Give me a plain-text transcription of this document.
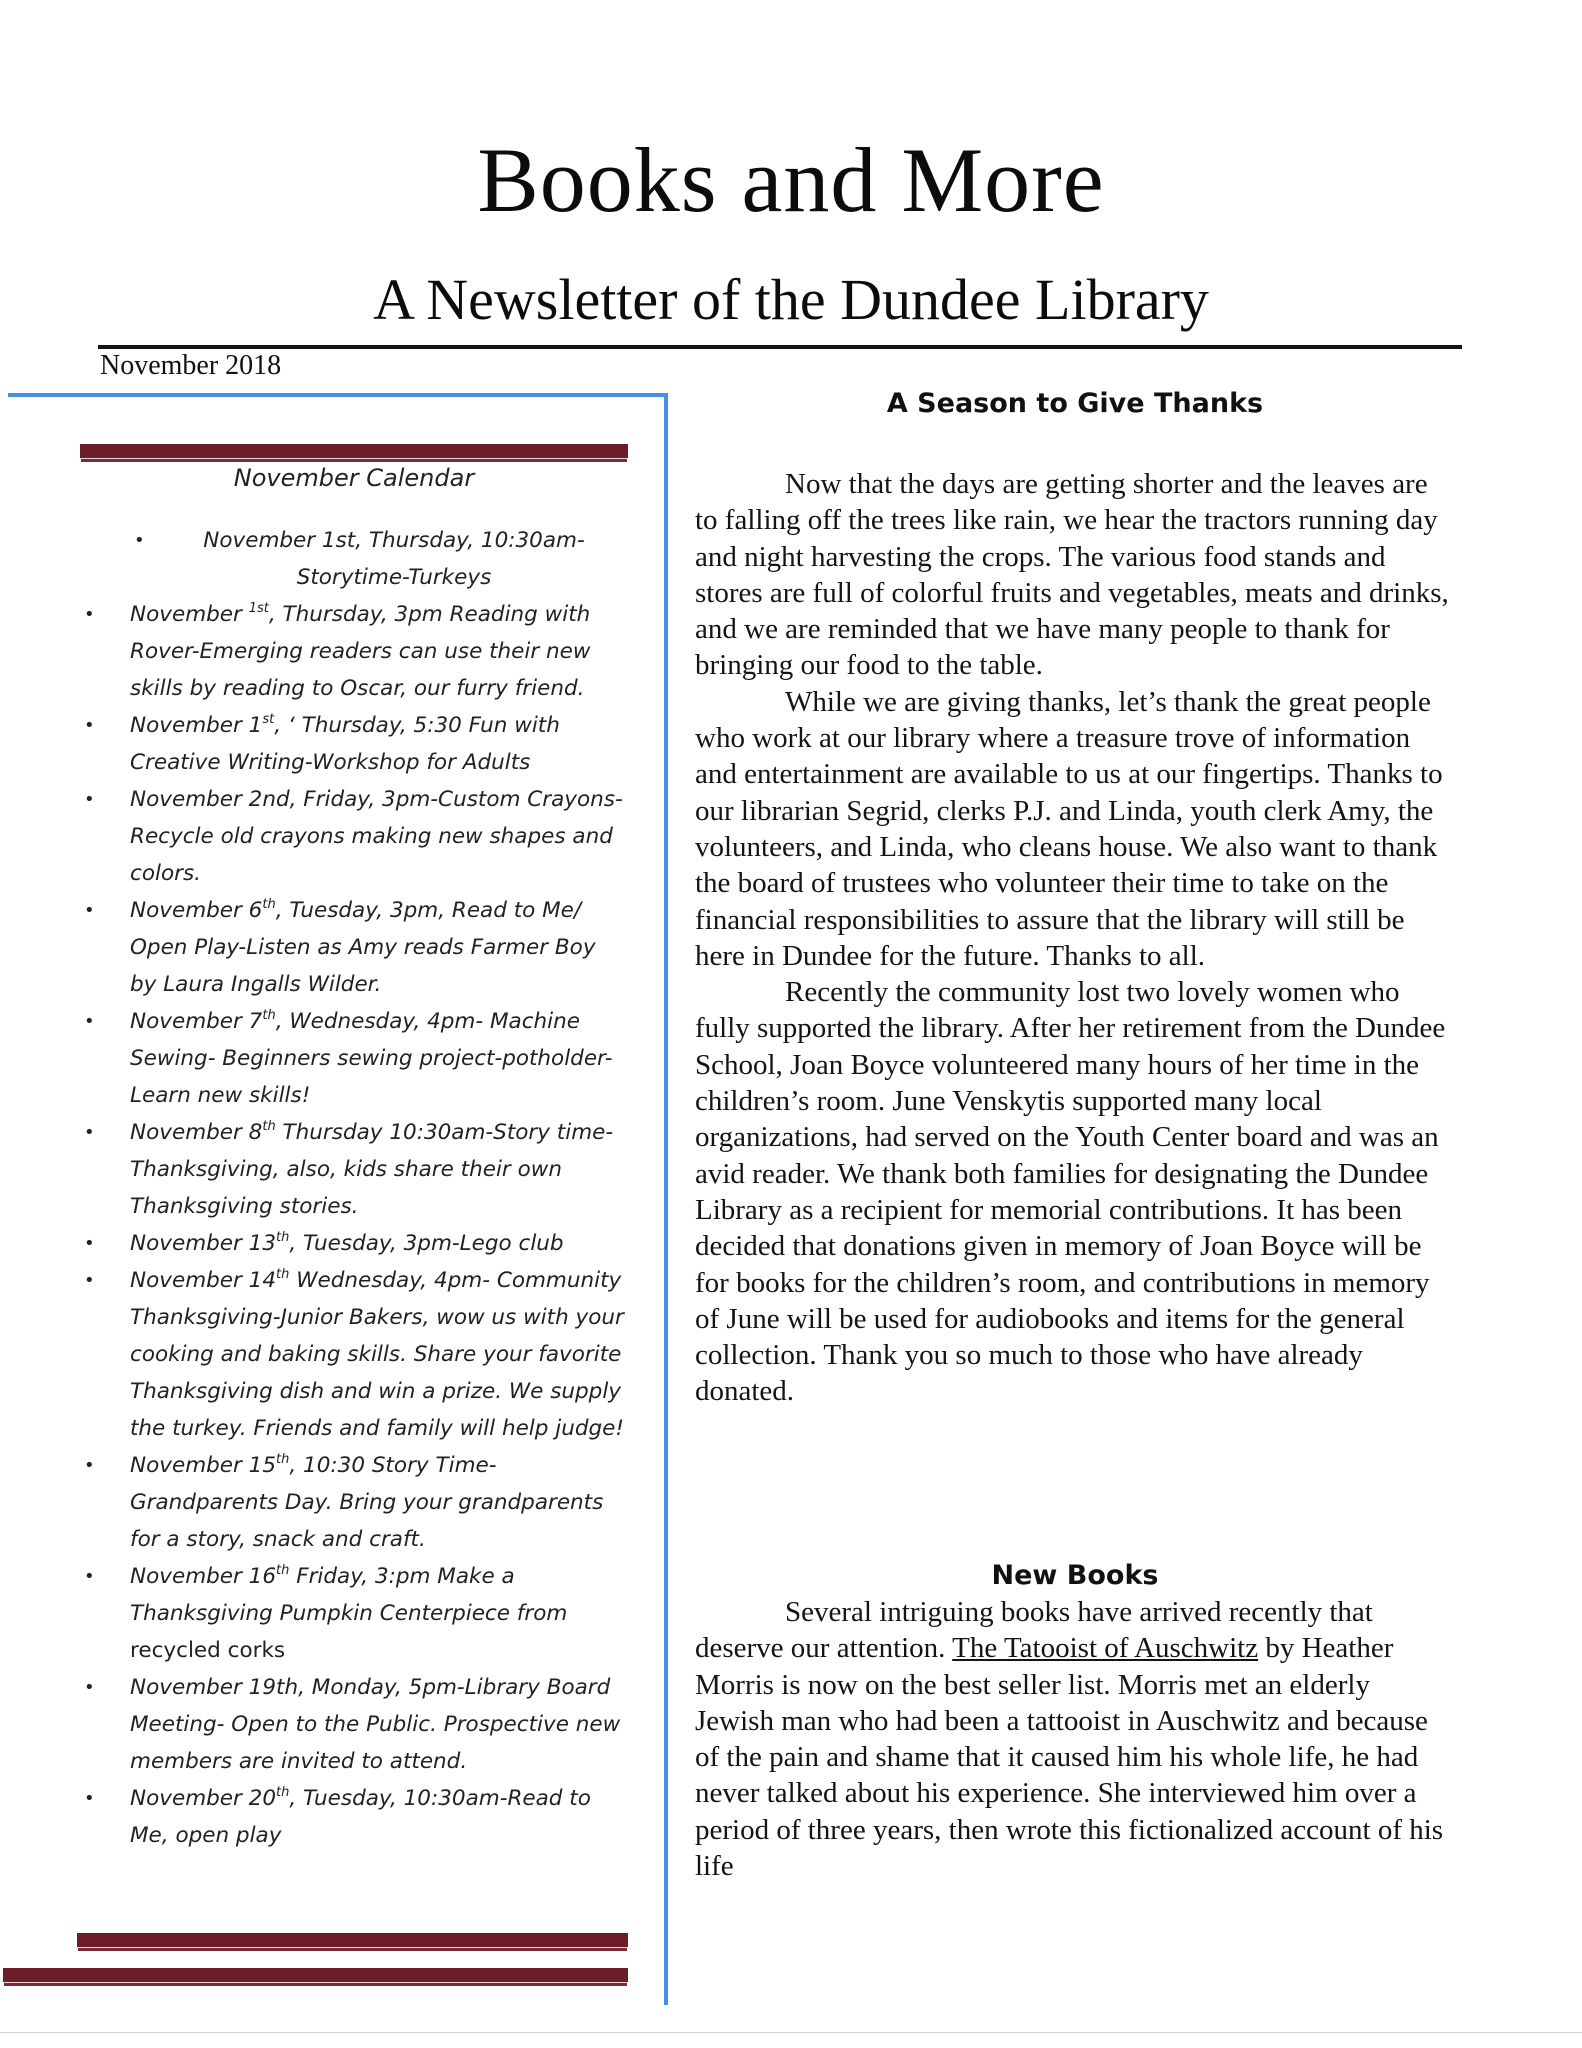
Books and More
A Newsletter of the Dundee Library
November 2018
November Calendar
•	November 1st, Thursday, 10:30am- Storytime-Turkeys
• November $^{1st}$, Thursday, 3pm Reading with Rover-Emerging readers can use their new skills by reading to Oscar, our furry friend.
• November 1st, ‘ Thursday, 5:30 Fun with Creative Writing-Workshop for Adults
• November 2nd, Friday, 3pm-Custom Crayons- Recycle old crayons making new shapes and colors.
• November 6th, Tuesday, 3pm, Read to Me/ Open Play-Listen as Amy reads Farmer Boy by Laura Ingalls Wilder.
• November 7th, Wednesday, 4pm- Machine Sewing- Beginners sewing project-potholder-Learn new skills!
• November 8th Thursday 10:30am-Story time-Thanksgiving, also, kids share their own Thanksgiving stories.
• November 13th, Tuesday, 3pm-Lego club
• November 14th Wednesday, 4pm- Community Thanksgiving-Junior Bakers, wow us with your cooking and baking skills. Share your favorite Thanksgiving dish and win a prize. We supply the turkey. Friends and family will help judge!
• November 15th, 10:30 Story Time-Grandparents Day. Bring your grandparents for a story, snack and craft.
• November 16th Friday, 3:pm Make a Thanksgiving Pumpkin Centerpiece from recycled corks
• November 19th, Monday, 5pm-Library Board Meeting- Open to the Public. Prospective new members are invited to attend.
• November 20th, Tuesday, 10:30am-Read to Me, open play
A Season to Give Thanks

Now that the days are getting shorter and the leaves are to falling off the trees like rain, we hear the tractors running day and night harvesting the crops. The various food stands and stores are full of colorful fruits and vegetables, meats and drinks, and we are reminded that we have many people to thank for bringing our food to the table.

While we are giving thanks, let’s thank the great people who work at our library where a treasure trove of information and entertainment are available to us at our fingertips. Thanks to our librarian Segrid, clerks P.J. and Linda, youth clerk Amy, the volunteers, and Linda, who cleans house. We also want to thank the board of trustees who volunteer their time to take on the financial responsibilities to assure that the library will still be here in Dundee for the future. Thanks to all.

Recently the community lost two lovely women who fully supported the library. After her retirement from the Dundee School, Joan Boyce volunteered many hours of her time in the children’s room. June Venskytis supported many local organizations, had served on the Youth Center board and was an avid reader. We thank both families for designating the Dundee Library as a recipient for memorial contributions. It has been decided that donations given in memory of Joan Boyce will be for books for the children’s room, and contributions in memory of June will be used for audiobooks and items for the general collection. Thank you so much to those who have already donated.

New Books

Several intriguing books have arrived recently that deserve our attention. The Tatooist of Auschwitz by Heather Morris is now on the best seller list. Morris met an elderly Jewish man who had been a tattooist in Auschwitz and because of the pain and shame that it caused him his whole life, he had never talked about his experience. She interviewed him over a period of three years, then wrote this fictionalized account of his life
